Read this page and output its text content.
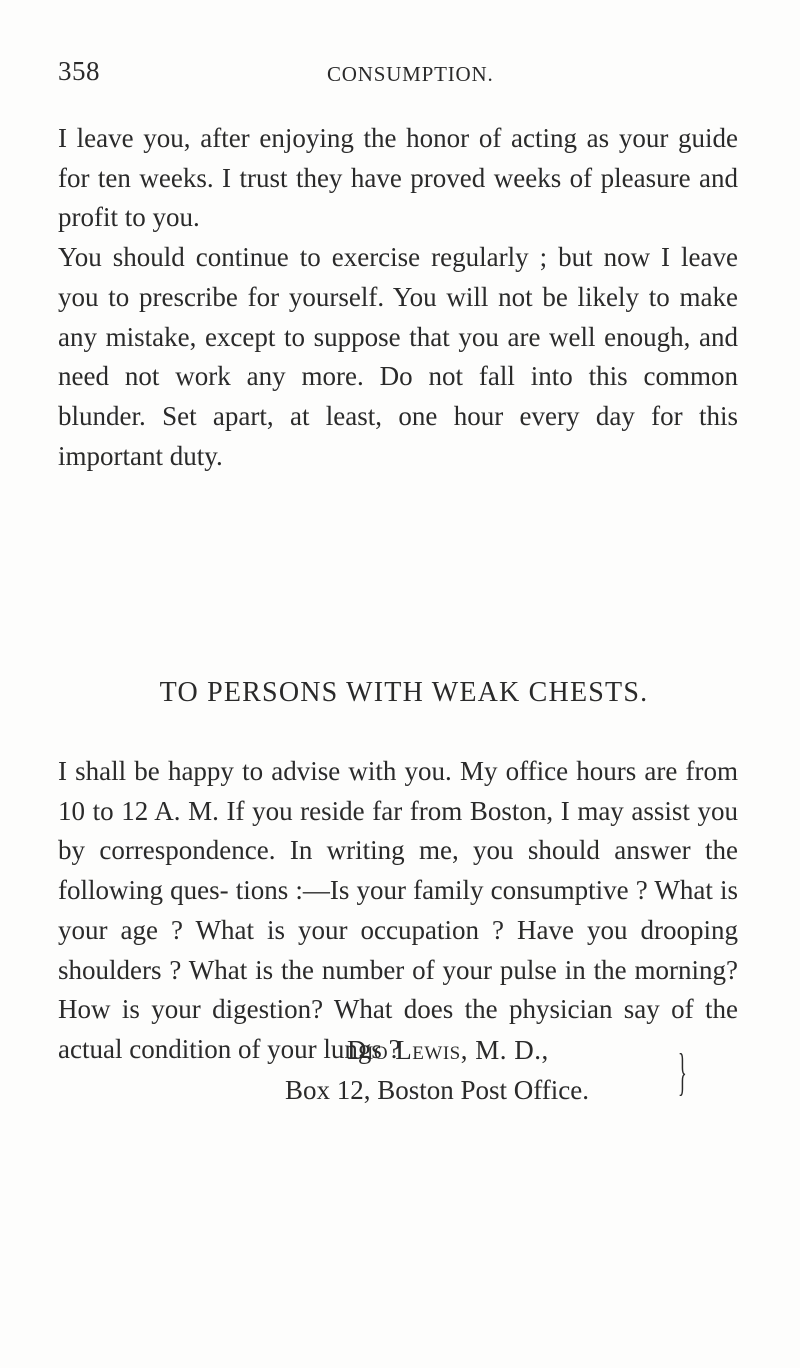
358	CONSUMPTION.

I leave you, after enjoying the honor of acting as your guide for ten weeks. I trust they have proved weeks of pleasure and profit to you.

You should continue to exercise regularly ; but now I leave you to prescribe for yourself. You will not be likely to make any mistake, except to suppose that you are well enough, and need not work any more. Do not fall into this common blunder. Set apart, at least, one hour every day for this important duty.

TO PERSONS WITH WEAK CHESTS.

I shall be happy to advise with you. My office hours are from 10 to 12 A. M. If you reside far from Boston, I may assist you by correspondence. In writing me, you should answer the following ques- tions :—Is your family consumptive ? What is your age ? What is your occupation ? Have you drooping shoulders ? What is the number of your pulse in the morning? How is your digestion? What does the physician say of the actual condition of your lungs ?

Dio Lewis, M. D.,
Box 12, Boston Post Office.	}
